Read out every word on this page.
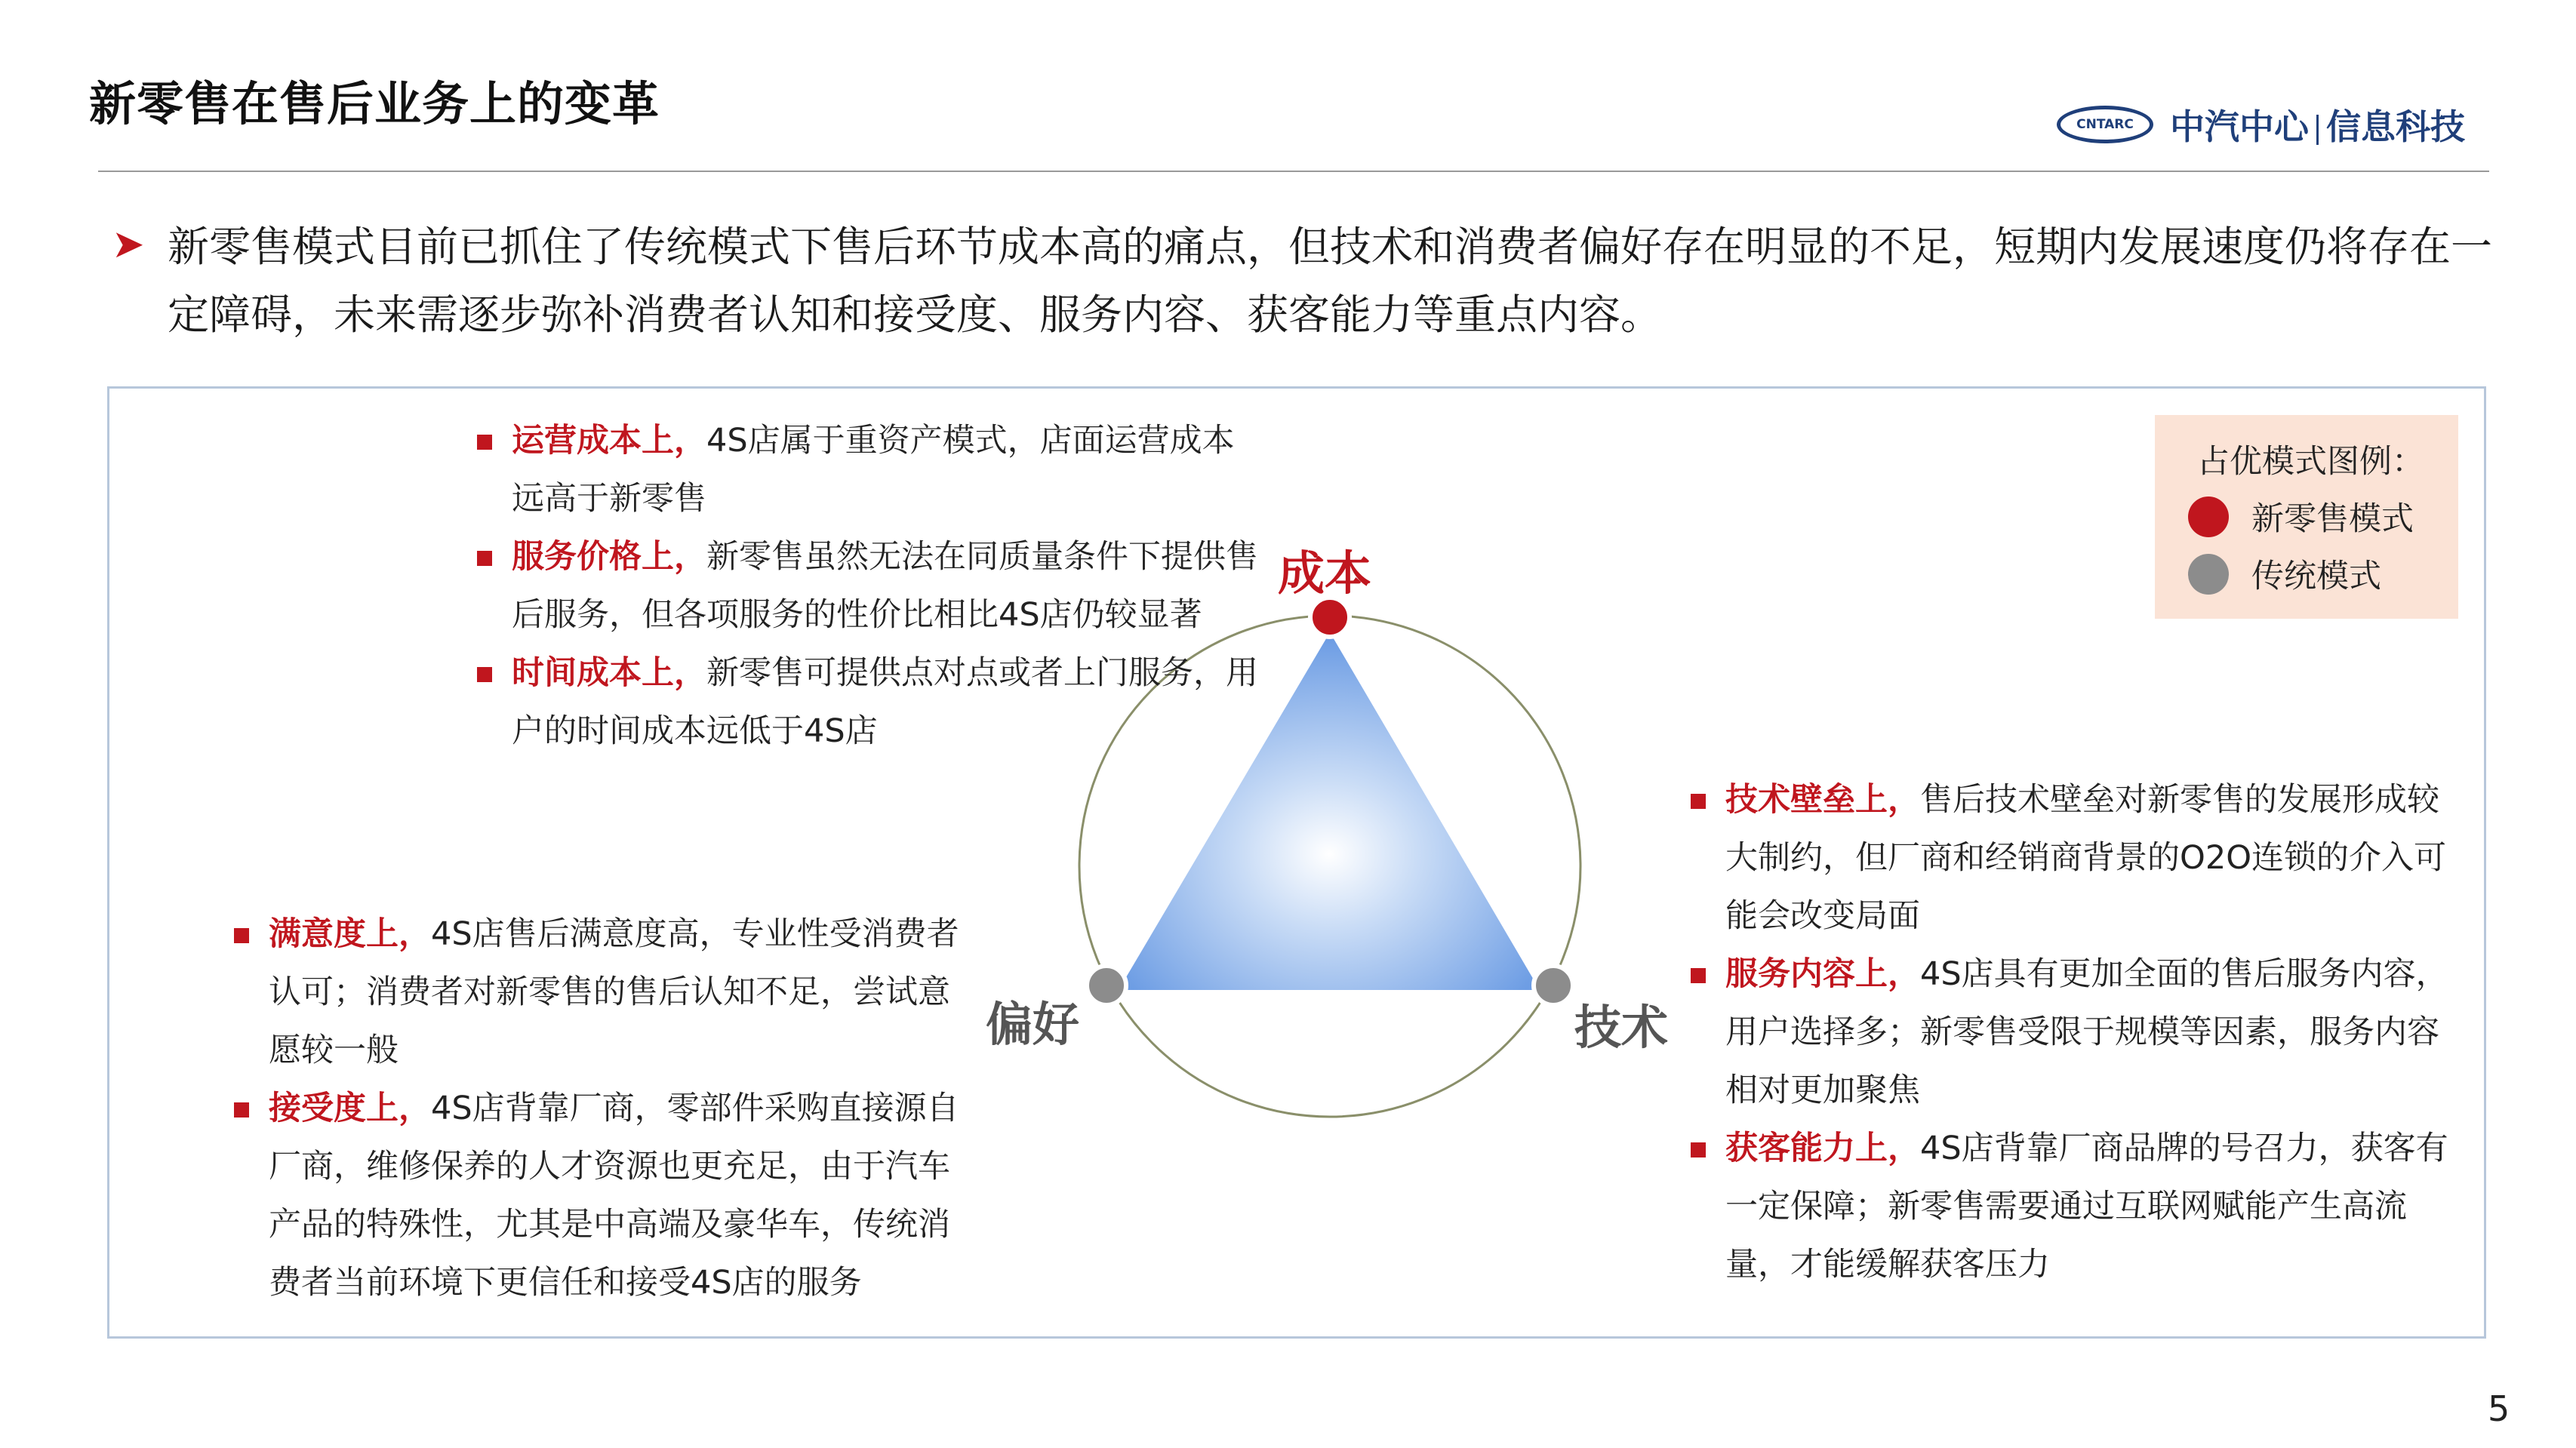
新零售在售后业务上的变革	CNTARC	中汽中心 信息科技
➤ 新零售模式目前已抓住了传统模式下售后环节成本高的痛点，但技术和消费者偏好存在明显的不足，短期内发展速度仍将存在一定障碍，未来需逐步弥补消费者认知和接受度、服务内容、获客能力等重点内容。
成本
偏好	技术
占优模式图例：
新零售模式
传统模式
运营成本上，4S店属于重资产模式，店面运营成本远高于新零售
服务价格上，新零售虽然无法在同质量条件下提供售后服务，但各项服务的性价比相比4S店仍较显著
时间成本上，新零售可提供点对点或者上门服务，用户的时间成本远低于4S店
满意度上，4S店售后满意度高，专业性受消费者认可；消费者对新零售的售后认知不足，尝试意愿较一般
接受度上，4S店背靠厂商，零部件采购直接源自厂商，维修保养的人才资源也更充足，由于汽车产品的特殊性，尤其是中高端及豪华车，传统消费者当前环境下更信任和接受4S店的服务
技术壁垒上，售后技术壁垒对新零售的发展形成较大制约，但厂商和经销商背景的O2O连锁的介入可能会改变局面
服务内容上，4S店具有更加全面的售后服务内容，用户选择多；新零售受限于规模等因素，服务内容相对更加聚焦
获客能力上，4S店背靠厂商品牌的号召力，获客有一定保障；新零售需要通过互联网赋能产生高流量，才能缓解获客压力
5
